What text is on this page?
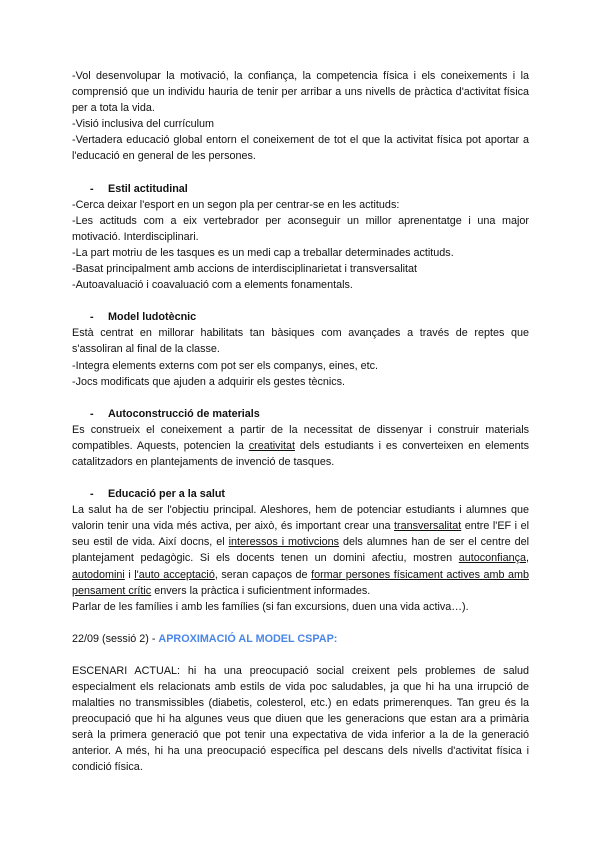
-Vol desenvolupar la motivació, la confiança, la competencia física i els coneixements i la comprensió que un individu hauria de tenir per arribar a uns nivells de pràctica d'activitat física per a tota la vida.

-Visió inclusiva del currículum

-Vertadera educació global entorn el coneixement de tot el que la activitat física pot aportar a l'educació en general de les persones.

-	Estil actitudinal

-Cerca deixar l'esport en un segon pla per centrar-se en les actituds:

-Les actituds com a eix vertebrador per aconseguir un millor aprenentatge i una major motivació. Interdisciplinari.

-La part motriu de les tasques es un medi cap a treballar determinades actituds.

-Basat principalment amb accions de interdisciplinarietat i transversalitat

-Autoavaluació i coavaluació com a elements fonamentals.

-	Model ludotècnic

Està centrat en millorar habilitats tan bàsiques com avançades a través de reptes que s'assoliran al final de la classe.

-Integra elements externs com pot ser els companys, eines, etc.

-Jocs modificats que ajuden a adquirir els gestes tècnics.

-	Autoconstrucció de materials

Es construeix el coneixement a partir de la necessitat de dissenyar i construir materials compatibles. Aquests, potencien la creativitat dels estudiants i es converteixen en elements catalitzadors en plantejaments de invenció de tasques.

-	Educació per a la salut

La salut ha de ser l'objectiu principal. Aleshores, hem de potenciar estudiants i alumnes que valorin tenir una vida més activa, per això, és important crear una transversalitat entre l'EF i el seu estil de vida. Així docns, el interessos i motivcions dels alumnes han de ser el centre del plantejament pedagògic. Si els docents tenen un domini afectiu, mostren autoconfiança, autodomini i l'auto acceptació, seran capaços de formar persones físicament actives amb amb pensament crític envers la pràctica i suficientment informades.

Parlar de les famílies i amb les famílies (si fan excursions, duen una vida activa…).

22/09 (sessió 2) - APROXIMACIÓ AL MODEL CSPAP:

ESCENARI ACTUAL: hi ha una preocupació social creixent pels problemes de salud especialment els relacionats amb estils de vida poc saludables, ja que hi ha una irrupció de malalties no transmissibles (diabetis, colesterol, etc.) en edats primerenques. Tan greu és la preocupació que hi ha algunes veus que diuen que les generacions que estan ara a primària serà la primera generació que pot tenir una expectativa de vida inferior a la de la generació anterior. A més, hi ha una preocupació específica pel descans dels nivells d'activitat física i condició física.
